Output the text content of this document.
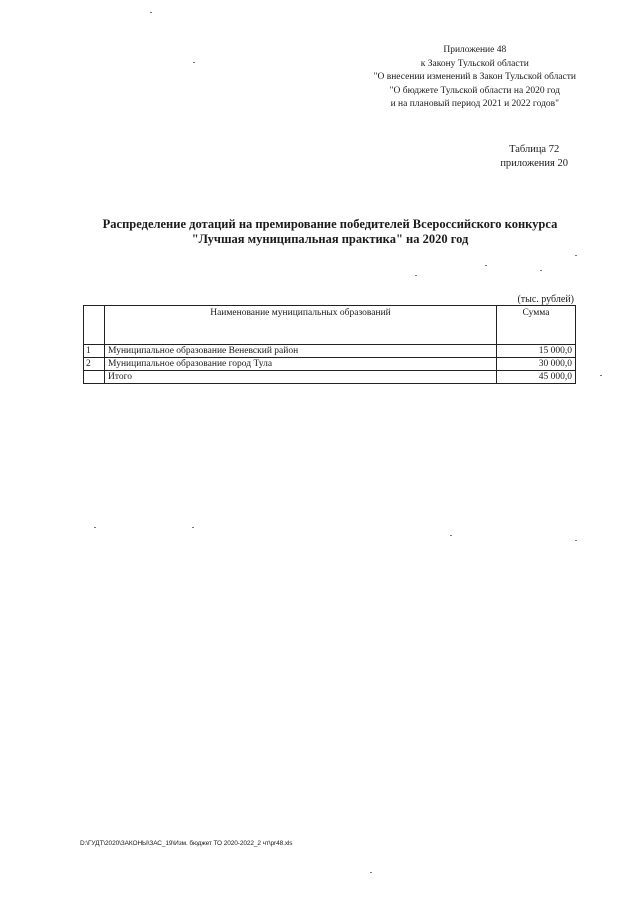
Приложение 48
к Закону Тульской области
"О внесении изменений в Закон Тульской области
"О бюджете Тульской области на 2020 год
и на плановый период 2021 и 2022 годов"
Таблица 72
приложения 20
Распределение дотаций на премирование победителей Всероссийского конкурса
"Лучшая муниципальная практика" на 2020 год
(тыс. рублей)
	Наименование муниципальных образований	Сумма
1	Муниципальное образование Веневский район	15 000,0
2	Муниципальное образование город Тула	30 000,0
	Итого	45 000,0
D:\ГУДТ\2020\ЗАКОНЫ\ЗАС_19\Изм. бюджет ТО 2020-2022_2 чт\pr48.xls
